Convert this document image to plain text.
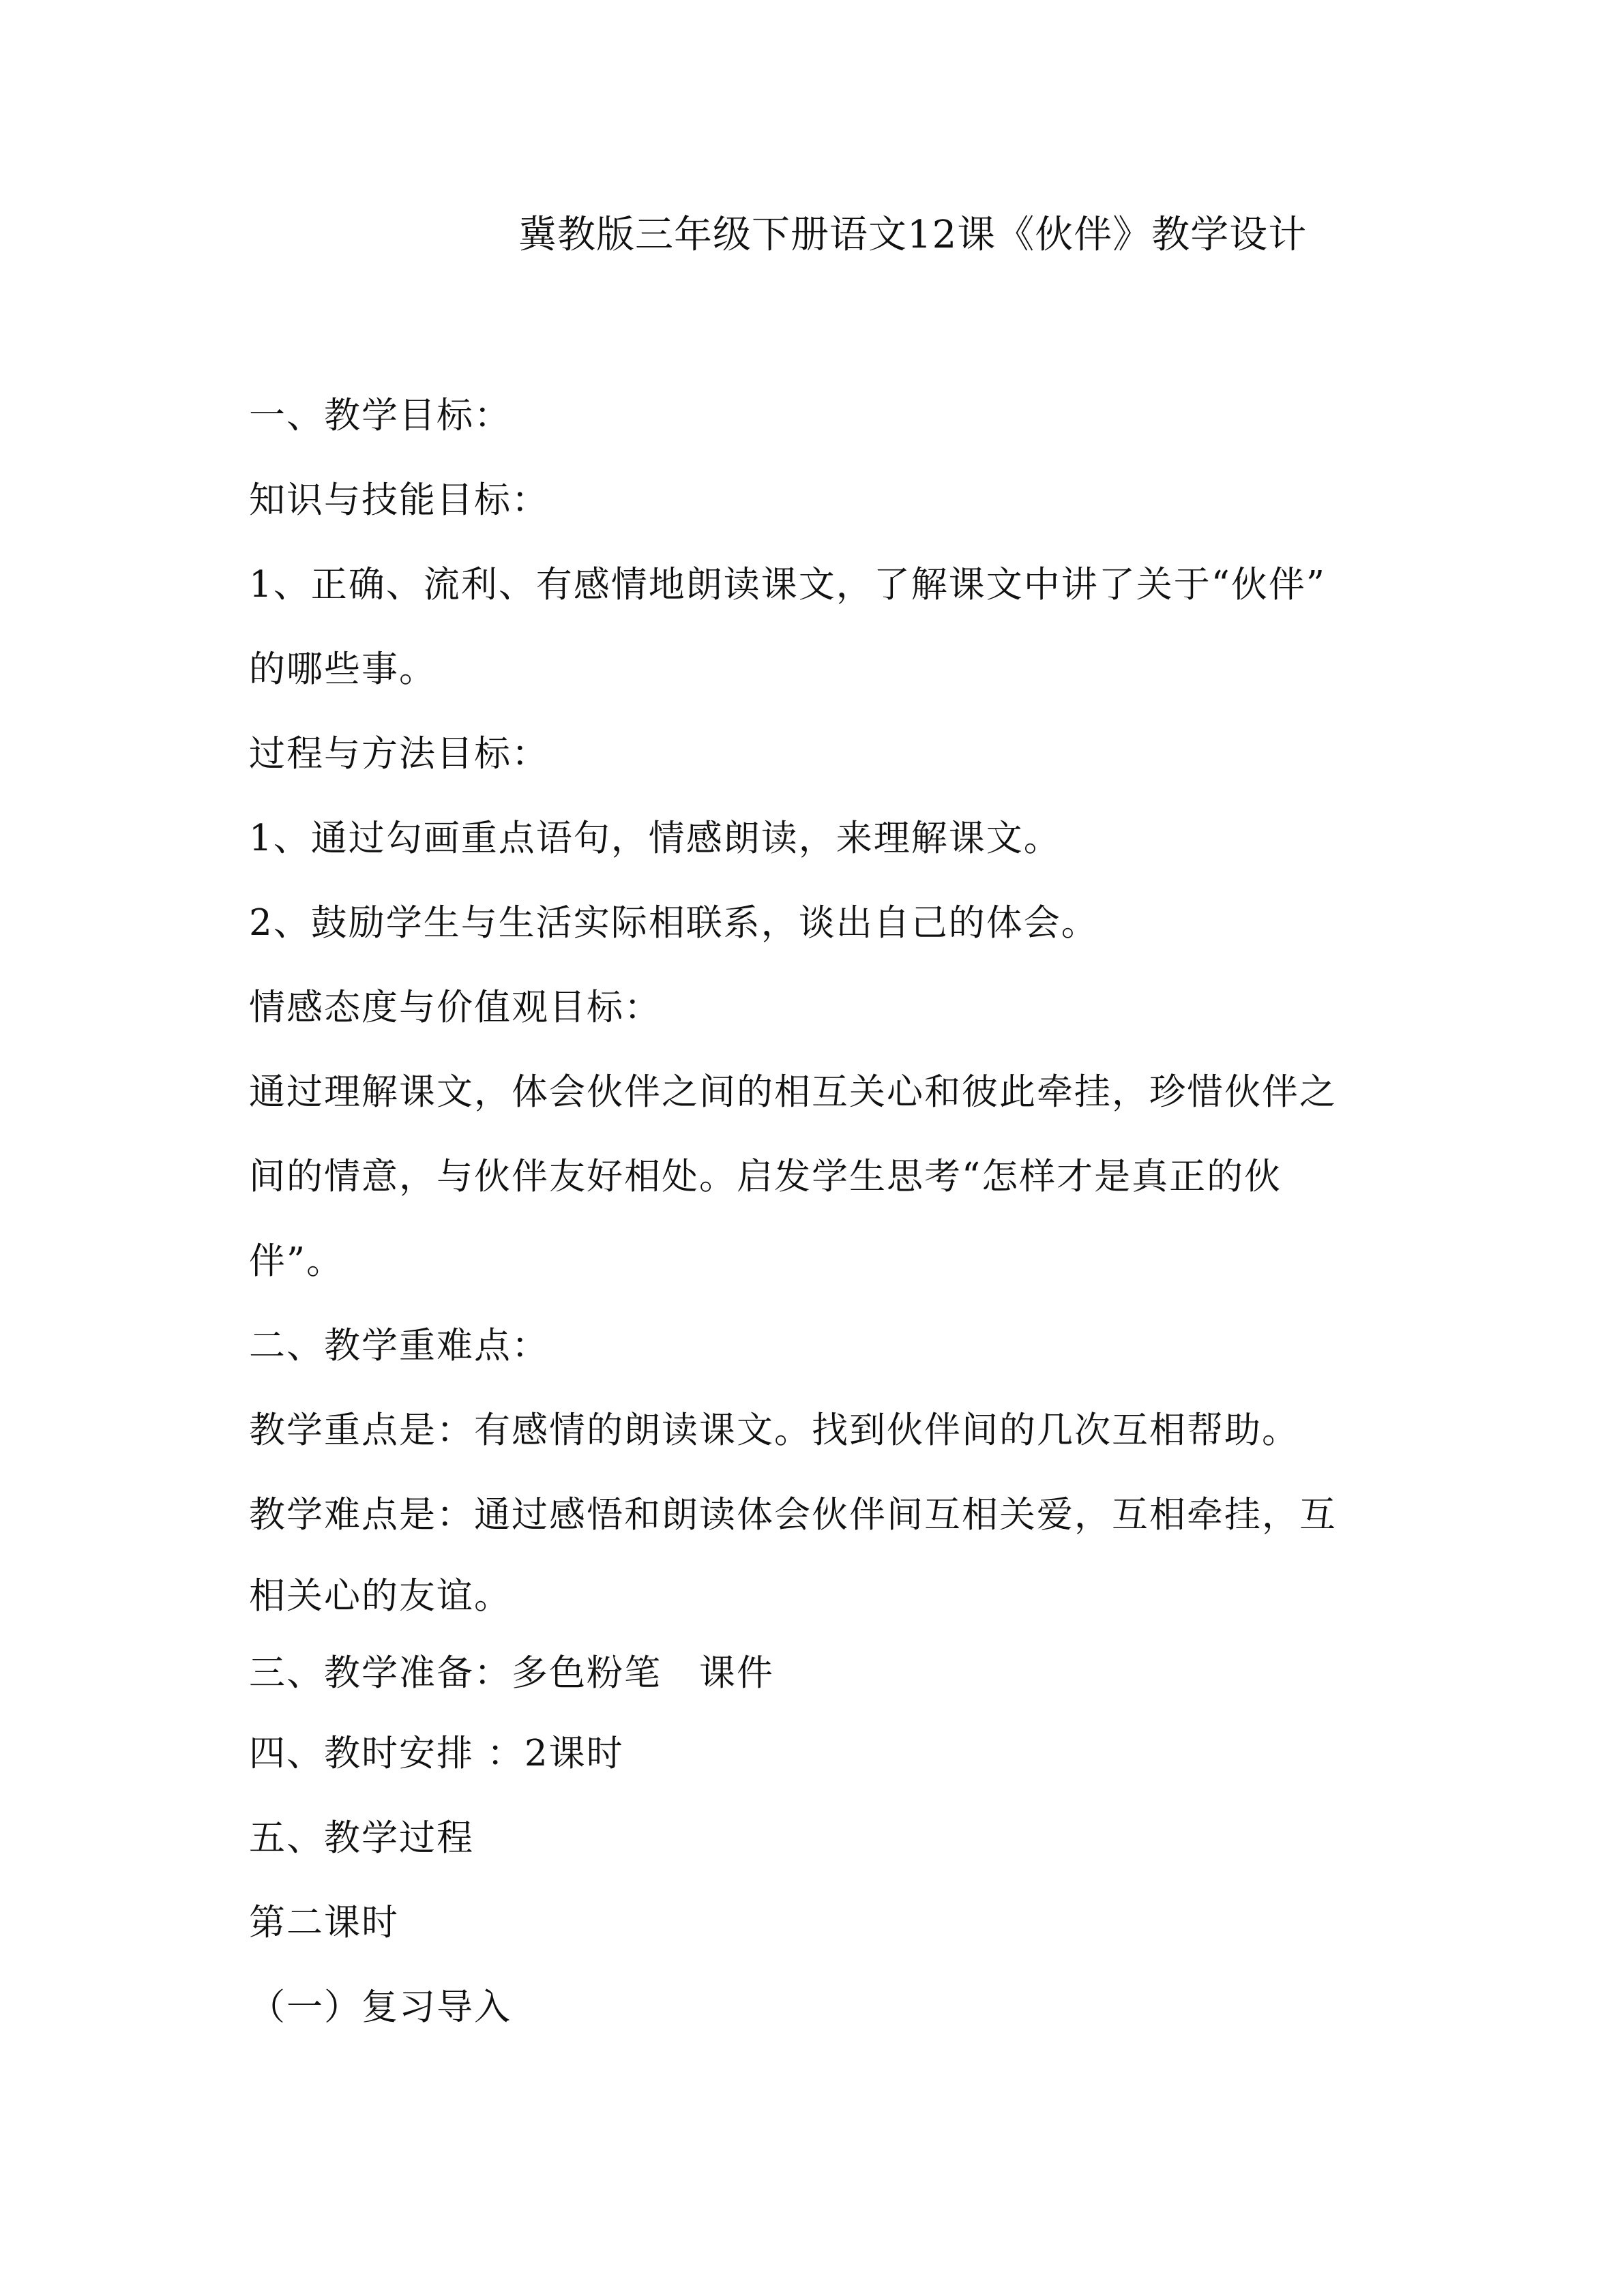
冀教版三年级下册语文12课《伙伴》教学设计
一、教学目标：
知识与技能目标：
1、正确、流利、有感情地朗读课文，了解课文中讲了关于“伙伴”
的哪些事。
过程与方法目标：
1、通过勾画重点语句，情感朗读，来理解课文。
2、鼓励学生与生活实际相联系，谈出自己的体会。
情感态度与价值观目标：
通过理解课文，体会伙伴之间的相互关心和彼此牵挂，珍惜伙伴之
间的情意，与伙伴友好相处。启发学生思考“怎样才是真正的伙
伴”。
二、教学重难点：
教学重点是：有感情的朗读课文。找到伙伴间的几次互相帮助。
教学难点是：通过感悟和朗读体会伙伴间互相关爱，互相牵挂，互
相关心的友谊。
三、教学准备：多色粉笔　课件
四、教时安排 ：2课时
五、教学过程
第二课时
（一）复习导入
